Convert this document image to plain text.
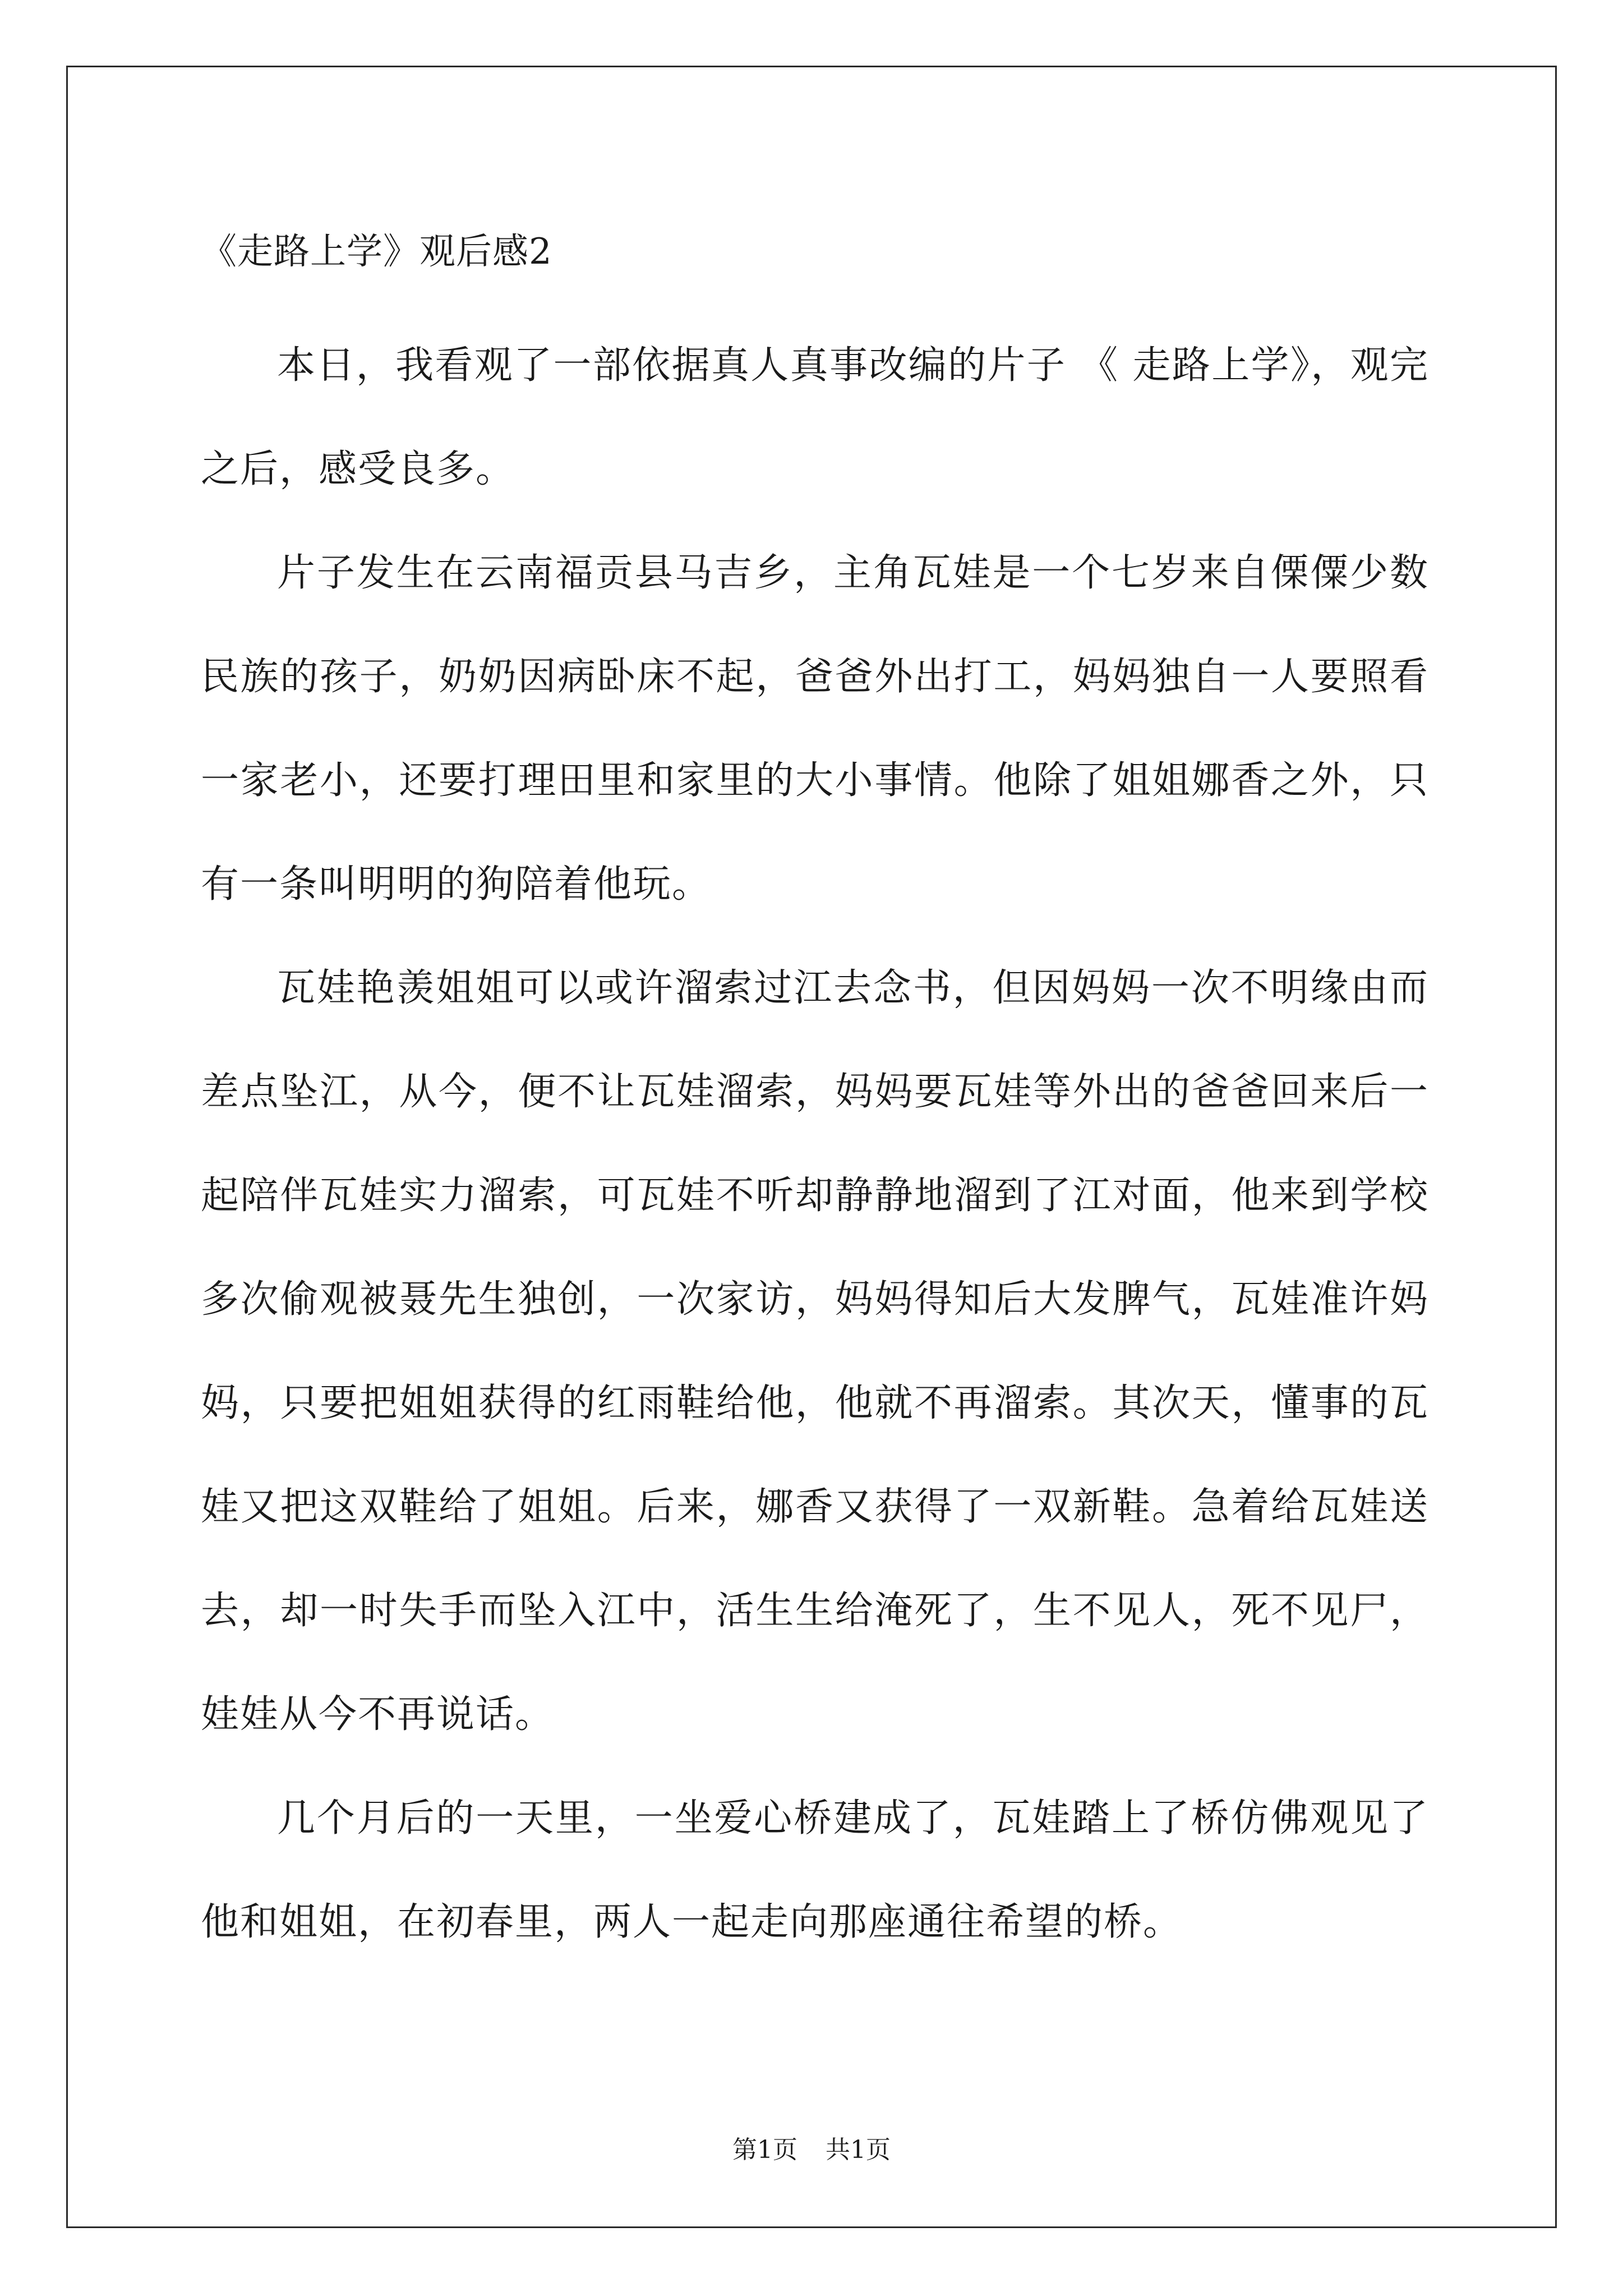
《走路上学》观后感2

本日，我看观了一部依据真人真事改编的片子 《 走路上学》，观完之后，感受良多。

片子发生在云南福贡县马吉乡，主角瓦娃是一个七岁来自傈僳少数民族的孩子，奶奶因病卧床不起，爸爸外出打工，妈妈独自一人要照看一家老小，还要打理田里和家里的大小事情。他除了姐姐娜香之外，只有一条叫明明的狗陪着他玩。

瓦娃艳羡姐姐可以或许溜索过江去念书，但因妈妈一次不明缘由而差点坠江，从今，便不让瓦娃溜索，妈妈要瓦娃等外出的爸爸回来后一起陪伴瓦娃实力溜索，可瓦娃不听却静静地溜到了江对面，他来到学校多次偷观被聂先生独创，一次家访，妈妈得知后大发脾气，瓦娃准许妈妈，只要把姐姐获得的红雨鞋给他，他就不再溜索。其次天，懂事的瓦娃又把这双鞋给了姐姐。后来，娜香又获得了一双新鞋。急着给瓦娃送去，却一时失手而坠入江中，活生生给淹死了，生不见人，死不见尸，娃娃从今不再说话。

几个月后的一天里，一坐爱心桥建成了，瓦娃踏上了桥仿佛观见了他和姐姐，在初春里，两人一起走向那座通往希望的桥。

第1页 共1页
